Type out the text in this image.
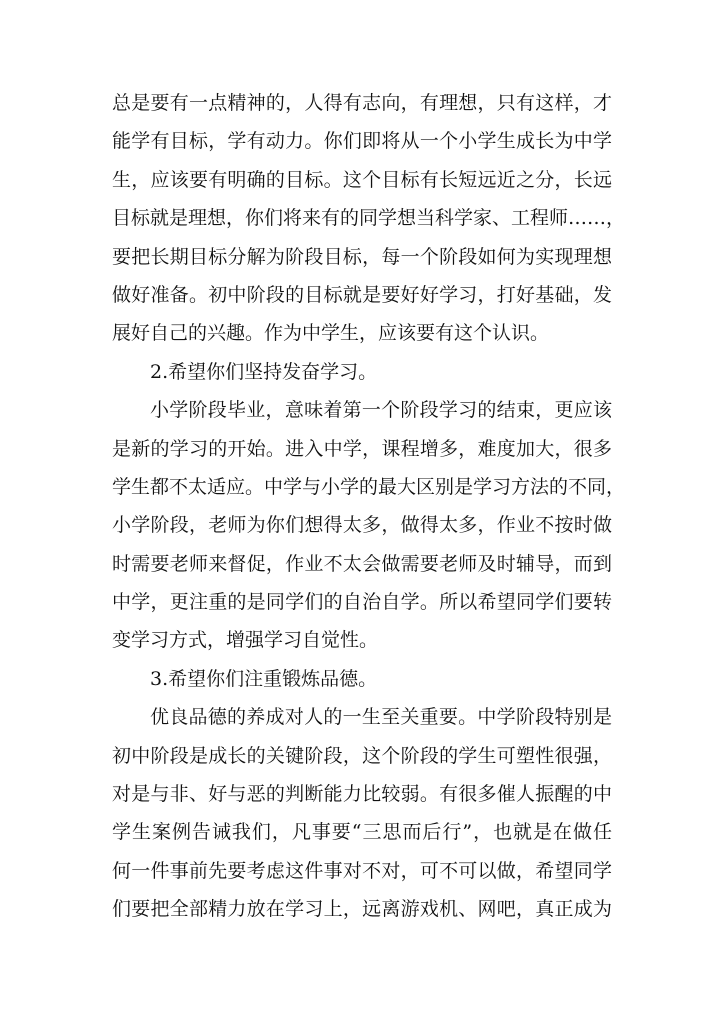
总是要有一点精神的，人得有志向，有理想，只有这样，才
能学有目标，学有动力。你们即将从一个小学生成长为中学
生，应该要有明确的目标。这个目标有长短远近之分，长远
目标就是理想，你们将来有的同学想当科学家、工程师……，
要把长期目标分解为阶段目标，每一个阶段如何为实现理想
做好准备。初中阶段的目标就是要好好学习，打好基础，发
展好自己的兴趣。作为中学生，应该要有这个认识。
2.希望你们坚持发奋学习。
小学阶段毕业，意味着第一个阶段学习的结束，更应该
是新的学习的开始。进入中学，课程增多，难度加大，很多
学生都不太适应。中学与小学的最大区别是学习方法的不同，
小学阶段，老师为你们想得太多，做得太多，作业不按时做
时需要老师来督促，作业不太会做需要老师及时辅导，而到
中学，更注重的是同学们的自治自学。所以希望同学们要转
变学习方式，增强学习自觉性。
3.希望你们注重锻炼品德。
优良品德的养成对人的一生至关重要。中学阶段特别是
初中阶段是成长的关键阶段，这个阶段的学生可塑性很强，
对是与非、好与恶的判断能力比较弱。有很多催人振醒的中
学生案例告诫我们，凡事要“三思而后行”，也就是在做任
何一件事前先要考虑这件事对不对，可不可以做，希望同学
们要把全部精力放在学习上，远离游戏机、网吧，真正成为
